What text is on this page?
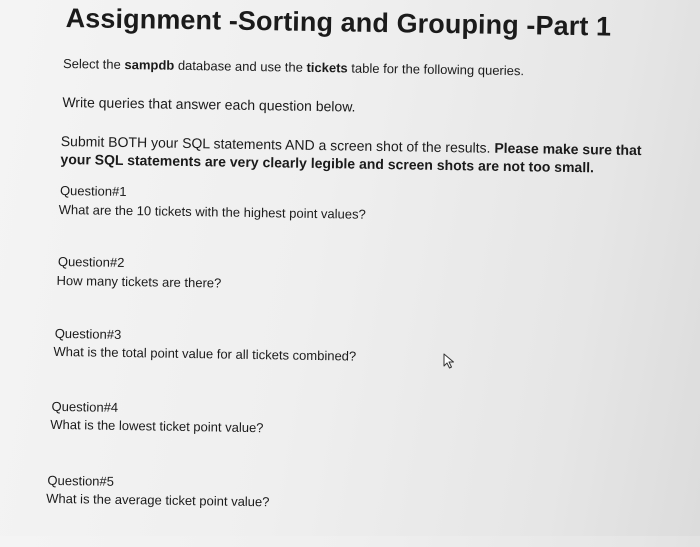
Assignment -Sorting and Grouping -Part 1
Select the sampdb database and use the tickets table for the following queries.
Write queries that answer each question below.
Submit BOTH your SQL statements AND a screen shot of the results. Please make sure that
your SQL statements are very clearly legible and screen shots are not too small.
Question#1
What are the 10 tickets with the highest point values?
Question#2
How many tickets are there?
Question#3
What is the total point value for all tickets combined?
Question#4
What is the lowest ticket point value?
Question#5
What is the average ticket point value?
